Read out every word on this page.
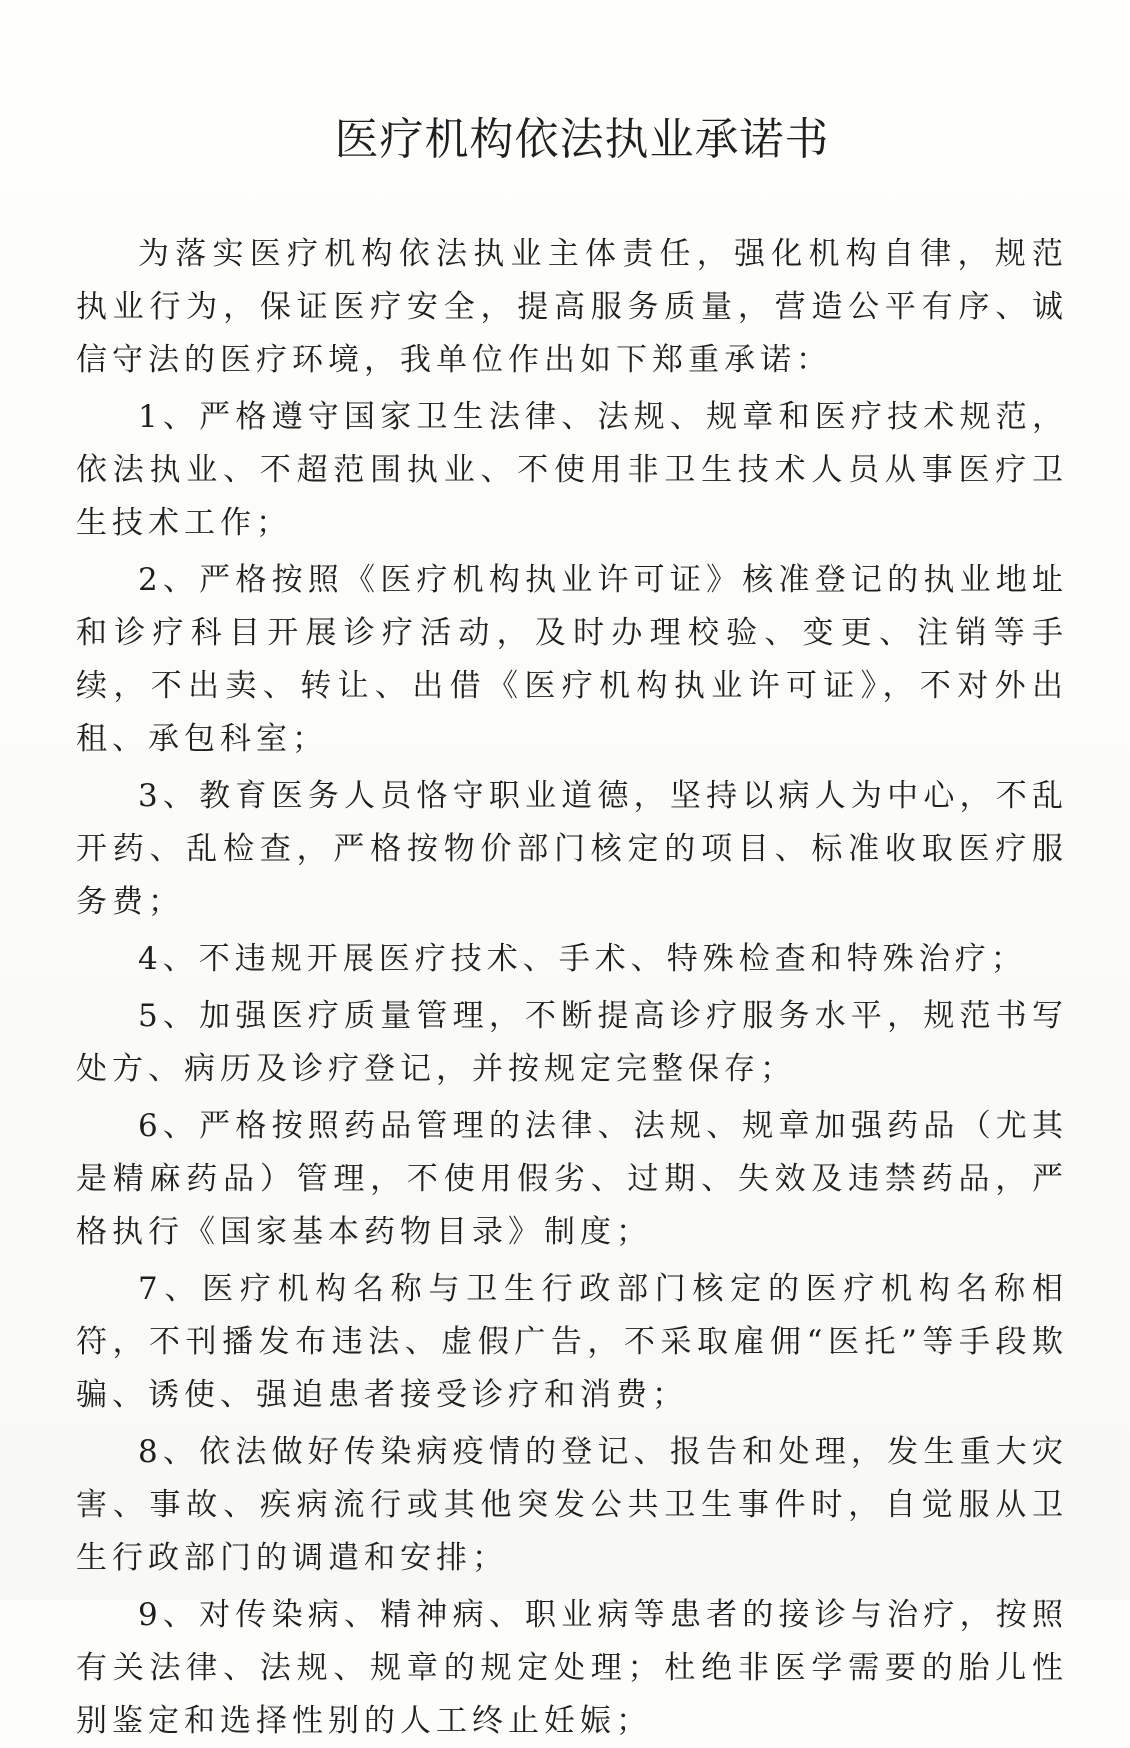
医疗机构依法执业承诺书

为落实医疗机构依法执业主体责任，强化机构自律，规范执业行为，保证医疗安全，提高服务质量，营造公平有序、诚信守法的医疗环境，我单位作出如下郑重承诺：

1、严格遵守国家卫生法律、法规、规章和医疗技术规范，依法执业、不超范围执业、不使用非卫生技术人员从事医疗卫生技术工作；

2、严格按照《医疗机构执业许可证》核准登记的执业地址和诊疗科目开展诊疗活动，及时办理校验、变更、注销等手续，不出卖、转让、出借《医疗机构执业许可证》，不对外出租、承包科室；

3、教育医务人员恪守职业道德，坚持以病人为中心，不乱开药、乱检查，严格按物价部门核定的项目、标准收取医疗服务费；

4、不违规开展医疗技术、手术、特殊检查和特殊治疗；

5、加强医疗质量管理，不断提高诊疗服务水平，规范书写处方、病历及诊疗登记，并按规定完整保存；

6、严格按照药品管理的法律、法规、规章加强药品（尤其是精麻药品）管理，不使用假劣、过期、失效及违禁药品，严格执行《国家基本药物目录》制度；

7、医疗机构名称与卫生行政部门核定的医疗机构名称相符，不刊播发布违法、虚假广告，不采取雇佣“医托”等手段欺骗、诱使、强迫患者接受诊疗和消费；

8、依法做好传染病疫情的登记、报告和处理，发生重大灾害、事故、疾病流行或其他突发公共卫生事件时，自觉服从卫生行政部门的调遣和安排；

9、对传染病、精神病、职业病等患者的接诊与治疗，按照有关法律、法规、规章的规定处理；杜绝非医学需要的胎儿性别鉴定和选择性别的人工终止妊娠；
